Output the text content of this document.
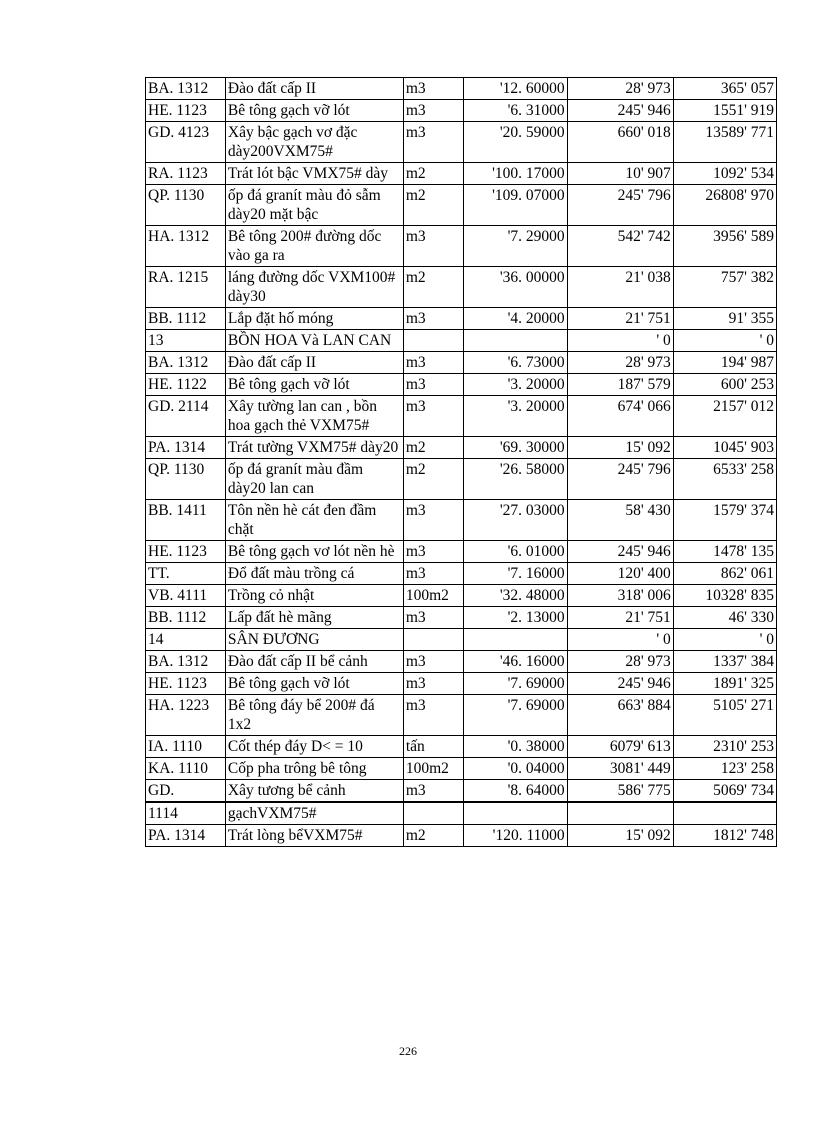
BA. 1312	Đào đất cấp II	m3	'12. 60000	28' 973	365' 057
HE. 1123	Bê tông gạch vỡ lót	m3	'6. 31000	245' 946	1551' 919
GD. 4123	Xây bậc gạch vơ đặc dày200VXM75#	m3	'20. 59000	660' 018	13589' 771
RA. 1123	Trát lót bậc VMX75# dày	m2	'100. 17000	10' 907	1092' 534
QP. 1130	ốp đá granít màu đỏ sẫm dày20 mặt bậc	m2	'109. 07000	245' 796	26808' 970
HA. 1312	Bê tông 200# đường dốc vào ga ra	m3	'7. 29000	542' 742	3956' 589
RA. 1215	láng đường dốc VXM100# dày30	m2	'36. 00000	21' 038	757' 382
BB. 1112	Lắp đặt hố móng	m3	'4. 20000	21' 751	91' 355
13	BỒN HOA Và LAN CAN			' 0	' 0
BA. 1312	Đào đất cấp II	m3	'6. 73000	28' 973	194' 987
HE. 1122	Bê tông gạch vỡ lót	m3	'3. 20000	187' 579	600' 253
GD. 2114	Xây tường lan can , bồn hoa gạch thẻ VXM75#	m3	'3. 20000	674' 066	2157' 012
PA. 1314	Trát tường VXM75# dày20	m2	'69. 30000	15' 092	1045' 903
QP. 1130	ốp đá granít màu đầm dày20 lan can	m2	'26. 58000	245' 796	6533' 258
BB. 1411	Tôn nền hè cát đen đầm chặt	m3	'27. 03000	58' 430	1579' 374
HE. 1123	Bê tông gạch vơ lót nền hè	m3	'6. 01000	245' 946	1478' 135
TT.	Đổ đất màu trồng cá	m3	'7. 16000	120' 400	862' 061
VB. 4111	Trồng cỏ nhật	100m2	'32. 48000	318' 006	10328' 835
BB. 1112	Lấp đất hè mãng	m3	'2. 13000	21' 751	46' 330
14	SÂN ĐƯƠNG			' 0	' 0
BA. 1312	Đào đất cấp II bể cảnh	m3	'46. 16000	28' 973	1337' 384
HE. 1123	Bê tông gạch vỡ lót	m3	'7. 69000	245' 946	1891' 325
HA. 1223	Bê tông đáy bể 200# đá 1x2	m3	'7. 69000	663' 884	5105' 271
IA. 1110	Cốt thép đáy D< = 10	tấn	'0. 38000	6079' 613	2310' 253
KA. 1110	Cốp pha trông bê tông	100m2	'0. 04000	3081' 449	123' 258
GD.	Xây tương bể cảnh	m3	'8. 64000	586' 775	5069' 734
1114	gạchVXM75#				
PA. 1314	Trát lòng bểVXM75#	m2	'120. 11000	15' 092	1812' 748
226
